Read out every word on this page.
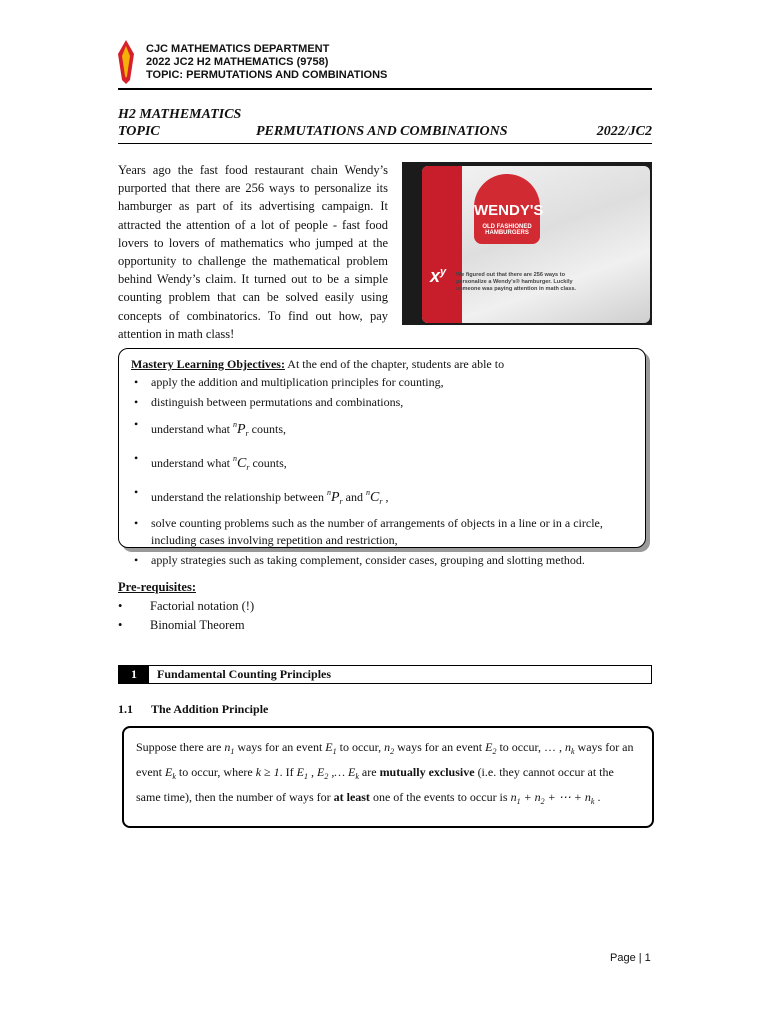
CJC MATHEMATICS DEPARTMENT
2022 JC2 H2 MATHEMATICS (9758)
TOPIC: PERMUTATIONS AND COMBINATIONS
H2 MATHEMATICS
TOPIC	PERMUTATIONS AND COMBINATIONS	2022/JC2
Years ago the fast food restaurant chain Wendy’s purported that there are 256 ways to personalize its hamburger as part of its advertising campaign. It attracted the attention of a lot of people - fast food lovers to lovers of mathematics who jumped at the opportunity to challenge the mathematical problem behind Wendy’s claim. It turned out to be a simple counting problem that can be solved easily using concepts of combinatorics. To find out how, pay attention in math class!
$x^y$
WENDY'S
OLD FASHIONED HAMBURGERS
We figured out that there are 256 ways to personalize a Wendy's® hamburger. Luckily someone was paying attention in math class.
Mastery Learning Objectives: At the end of the chapter, students are able to
• apply the addition and multiplication principles for counting,
• distinguish between permutations and combinations,
• understand what $^nP_r$ counts,
• understand what $^nC_r$ counts,
• understand the relationship between $^nP_r$ and $^nC_r$ ,
• solve counting problems such as the number of arrangements of objects in a line or in a circle, including cases involving repetition and restriction,
• apply strategies such as taking complement, consider cases, grouping and slotting method.
Pre-requisites:
• Factorial notation (!)
• Binomial Theorem
1	Fundamental Counting Principles
1.1 The Addition Principle
Suppose there are $n_1$ ways for an event $E_1$ to occur, $n_2$ ways for an event $E_2$ to occur, … , $n_k$ ways for an event $E_k$ to occur, where k ≥ 1. If $E_1$ , $E_2$ ,… $E_k$ are mutually exclusive (i.e. they cannot occur at the same time), then the number of ways for at least one of the events to occur is $n_1 + n_2$ + ⋯ + $n_k$ .
Page | 1
